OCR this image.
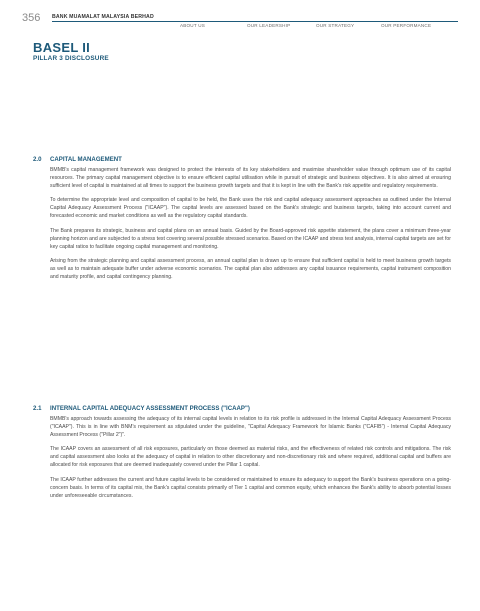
356 BANK MUAMALAT MALAYSIA BERHAD
ABOUT US	OUR LEADERSHIP	OUR STRATEGY	OUR PERFORMANCE
BASEL II
PILLAR 3 DISCLOSURE
2.0 CAPITAL MANAGEMENT

BMMB's capital management framework was designed to protect the interests of its key stakeholders and maximise shareholder value through optimum use of its capital resources. The primary capital management objective is to ensure efficient capital utilisation while in pursuit of strategic and business objectives. It is also aimed at ensuring sufficient level of capital is maintained at all times to support the business growth targets and that it is kept in line with the Bank's risk appetite and regulatory requirements.

To determine the appropriate level and composition of capital to be held, the Bank uses the risk and capital adequacy assessment approaches as outlined under the Internal Capital Adequacy Assessment Process ("ICAAP"). The capital levels are assessed based on the Bank's strategic and business targets, taking into account current and forecasted economic and market conditions as well as the regulatory capital standards.

The Bank prepares its strategic, business and capital plans on an annual basis. Guided by the Board-approved risk appetite statement, the plans cover a minimum three-year planning horizon and are subjected to a stress test covering several possible stressed scenarios. Based on the ICAAP and stress test analysis, internal capital targets are set for key capital ratios to facilitate ongoing capital management and monitoring.

Arising from the strategic planning and capital assessment process, an annual capital plan is drawn up to ensure that sufficient capital is held to meet business growth targets as well as to maintain adequate buffer under adverse economic scenarios. The capital plan also addresses any capital issuance requirements, capital instrument composition and maturity profile, and capital contingency planning.

2.1 INTERNAL CAPITAL ADEQUACY ASSESSMENT PROCESS ("ICAAP")

BMMB's approach towards assessing the adequacy of its internal capital levels in relation to its risk profile is addressed in the Internal Capital Adequacy Assessment Process ("ICAAP"). This is in line with BNM's requirement as stipulated under the guideline, "Capital Adequacy Framework for Islamic Banks ("CAFIB") - Internal Capital Adequacy Assessment Process ("Pillar 2")".

The ICAAP covers an assessment of all risk exposures, particularly on those deemed as material risks, and the effectiveness of related risk controls and mitigations. The risk and capital assessment also looks at the adequacy of capital in relation to other discretionary and non-discretionary risk and where required, additional capital and buffers are allocated for risk exposures that are deemed inadequately covered under the Pillar 1 capital.

The ICAAP further addresses the current and future capital levels to be considered or maintained to ensure its adequacy to support the Bank's business operations on a going-concern basis. In terms of its capital mix, the Bank's capital consists primarily of Tier 1 capital and common equity, which enhances the Bank's ability to absorb potential losses under unforeseeable circumstances.
